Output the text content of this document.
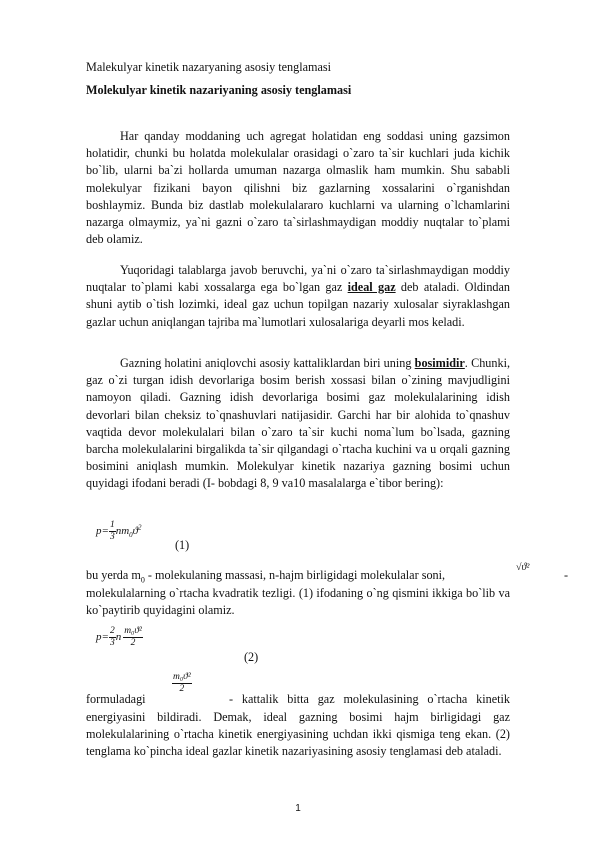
Malekulyar kinetik nazaryaning asosiy tenglamasi
Molekulyar kinetik nazariyaning asosiy tenglamasi

Har qanday moddaning uch agregat holatidan eng soddasi uning gazsimon holatidir, chunki bu holatda molekulalar orasidagi o`zaro ta`sir kuchlari juda kichik bo`lib, ularni ba`zi hollarda umuman nazarga olmaslik ham mumkin. Shu sababli molekulyar fizikani bayon qilishni biz gazlarning xossalarini o`rganishdan boshlaymiz. Bunda biz dastlab molekulalararo kuchlarni va ularning o`lchamlarini nazarga olmaymiz, ya`ni gazni o`zaro ta`sirlashmaydigan moddiy nuqtalar to`plami deb olamiz.

Yuqoridagi talablarga javob beruvchi, ya`ni o`zaro ta`sirlashmaydigan moddiy nuqtalar to`plami kabi xossalarga ega bo`lgan gaz ideal gaz deb ataladi. Oldindan shuni aytib o`tish lozimki, ideal gaz uchun topilgan nazariy xulosalar siyraklashgan gazlar uchun aniqlangan tajriba ma`lumotlari xulosalariga deyarli mos keladi.

Gazning holatini aniqlovchi asosiy kattaliklardan biri uning bosimidir. Chunki, gaz o`zi turgan idish devorlariga bosim berish xossasi bilan o`zining mavjudligini namoyon qiladi. Gazning idish devorlariga bosimi gaz molekulalarining idish devorlari bilan cheksiz to`qnashuvlari natijasidir. Garchi har bir alohida to`qnashuv vaqtida devor molekulalari bilan o`zaro ta`sir kuchi noma`lum bo`lsada, gazning barcha molekulalarini birgalikda ta`sir qilgandagi o`rtacha kuchini va u orqali gazning bosimini aniqlash mumkin. Molekulyar kinetik nazariya gazning bosimi uchun quyidagi ifodani beradi (I- bobdagi 8, 9 va10 masalalarga e`tibor bering):

$p= \frac{1}{3} nm_0ϑ^2$
(1)
bu yerda $m_0$ - molekulaning massasi, n-hajm birligidagi molekulalar soni,
√ϑ²
-

molekulalarning o`rtacha kvadratik tezligi. (1) ifodaning o`ng qismini ikkiga bo`lib va ko`paytirib quyidagini olamiz.

$p= \frac{2}{3}$ n $\frac{\text{m₀ϑ²}}{2}$
(2)
formuladagi
$\frac{\text{m₀ϑ²}}{2}$
- kattalik bitta gaz molekulasining o`rtacha kinetik

energiyasini bildiradi. Demak, ideal gazning bosimi hajm birligidagi gaz molekulalarining o`rtacha kinetik energiyasining uchdan ikki qismiga teng ekan. (2) tenglama ko`pincha ideal gazlar kinetik nazariyasining asosiy tenglamasi deb ataladi.

1
